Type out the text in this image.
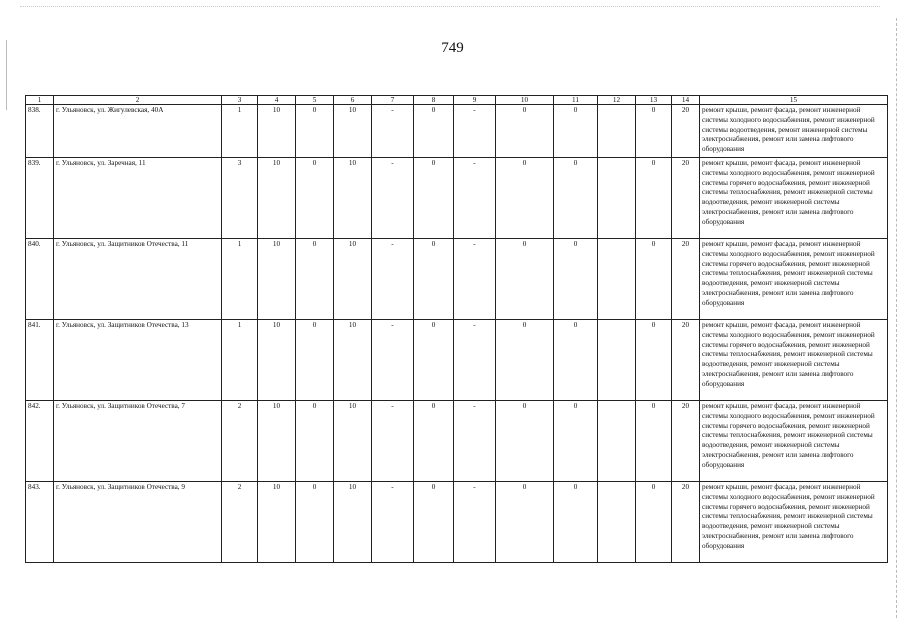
749
1	2	3	4	5	6	7	8	9	10	11	12	13	14	15
838.	г. Ульяновск, ул. Жигулевская, 40А	1	10	0	10	-	0	-	0	0		0	20	ремонт крыши, ремонт фасада, ремонт инженерной системы холодного водоснабжения, ремонт инженерной системы водоотведения, ремонт инженерной системы электроснабжения, ремонт или замена лифтового оборудования
839.	г. Ульяновск, ул. Заречная, 11	3	10	0	10	-	0	-	0	0		0	20	ремонт крыши, ремонт фасада, ремонт инженерной системы холодного водоснабжения, ремонт инженерной системы горячего водоснабжения, ремонт инженерной системы теплоснабжения, ремонт инженерной системы водоотведения, ремонт инженерной системы электроснабжения, ремонт или замена лифтового оборудования
840.	г. Ульяновск, ул. Защитников Отечества, 11	1	10	0	10	-	0	-	0	0		0	20	ремонт крыши, ремонт фасада, ремонт инженерной системы холодного водоснабжения, ремонт инженерной системы горячего водоснабжения, ремонт инженерной системы теплоснабжения, ремонт инженерной системы водоотведения, ремонт инженерной системы электроснабжения, ремонт или замена лифтового оборудования
841.	г. Ульяновск, ул. Защитников Отечества, 13	1	10	0	10	-	0	-	0	0		0	20	ремонт крыши, ремонт фасада, ремонт инженерной системы холодного водоснабжения, ремонт инженерной системы горячего водоснабжения, ремонт инженерной системы теплоснабжения, ремонт инженерной системы водоотведения, ремонт инженерной системы электроснабжения, ремонт или замена лифтового оборудования
842.	г. Ульяновск, ул. Защитников Отечества, 7	2	10	0	10	-	0	-	0	0		0	20	ремонт крыши, ремонт фасада, ремонт инженерной системы холодного водоснабжения, ремонт инженерной системы горячего водоснабжения, ремонт инженерной системы теплоснабжения, ремонт инженерной системы водоотведения, ремонт инженерной системы электроснабжения, ремонт или замена лифтового оборудования
843.	г. Ульяновск, ул. Защитников Отечества, 9	2	10	0	10	-	0	-	0	0		0	20	ремонт крыши, ремонт фасада, ремонт инженерной системы холодного водоснабжения, ремонт инженерной системы горячего водоснабжения, ремонт инженерной системы теплоснабжения, ремонт инженерной системы водоотведения, ремонт инженерной системы электроснабжения, ремонт или замена лифтового оборудования
